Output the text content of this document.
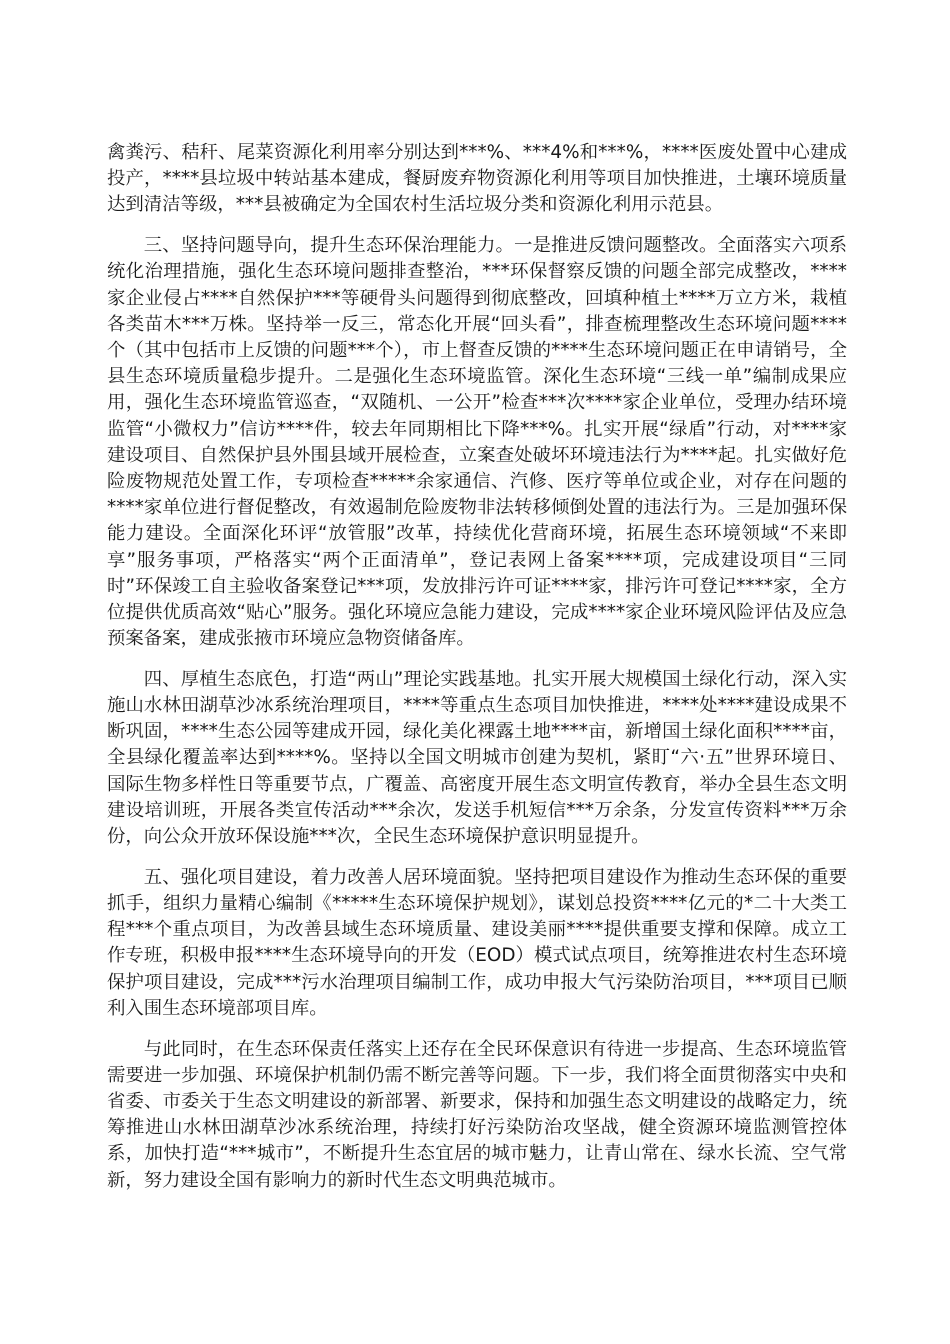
禽粪污、秸秆、尾菜资源化利用率分别达到***%、***4%和***%，****医废处置中心建成投产，****县垃圾中转站基本建成，餐厨废弃物资源化利用等项目加快推进，土壤环境质量达到清洁等级，***县被确定为全国农村生活垃圾分类和资源化利用示范县。

三、坚持问题导向，提升生态环保治理能力。一是推进反馈问题整改。全面落实六项系统化治理措施，强化生态环境问题排查整治，***环保督察反馈的问题全部完成整改，****家企业侵占****自然保护***等硬骨头问题得到彻底整改，回填种植土****万立方米，栽植各类苗木***万株。坚持举一反三，常态化开展“回头看”，排查梳理整改生态环境问题****个（其中包括市上反馈的问题***个），市上督查反馈的****生态环境问题正在申请销号，全县生态环境质量稳步提升。二是强化生态环境监管。深化生态环境“三线一单”编制成果应用，强化生态环境监管巡查，“双随机、一公开”检查***次****家企业单位，受理办结环境监管“小微权力”信访****件，较去年同期相比下降***%。扎实开展“绿盾”行动，对****家建设项目、自然保护县外围县域开展检查，立案查处破坏环境违法行为****起。扎实做好危险废物规范处置工作，专项检查*****余家通信、汽修、医疗等单位或企业，对存在问题的****家单位进行督促整改，有效遏制危险废物非法转移倾倒处置的违法行为。三是加强环保能力建设。全面深化环评“放管服”改革，持续优化营商环境，拓展生态环境领域“不来即享”服务事项，严格落实“两个正面清单”，登记表网上备案****项，完成建设项目“三同时”环保竣工自主验收备案登记***项，发放排污许可证****家，排污许可登记****家，全方位提供优质高效“贴心”服务。强化环境应急能力建设，完成****家企业环境风险评估及应急预案备案，建成张掖市环境应急物资储备库。

四、厚植生态底色，打造“两山”理论实践基地。扎实开展大规模国土绿化行动，深入实施山水林田湖草沙冰系统治理项目，****等重点生态项目加快推进，****处****建设成果不断巩固，****生态公园等建成开园，绿化美化裸露土地****亩，新增国土绿化面积****亩，全县绿化覆盖率达到****%。坚持以全国文明城市创建为契机，紧盯“六·五”世界环境日、国际生物多样性日等重要节点，广覆盖、高密度开展生态文明宣传教育，举办全县生态文明建设培训班，开展各类宣传活动***余次，发送手机短信***万余条，分发宣传资料***万余份，向公众开放环保设施***次，全民生态环境保护意识明显提升。

五、强化项目建设，着力改善人居环境面貌。坚持把项目建设作为推动生态环保的重要抓手，组织力量精心编制《*****生态环境保护规划》，谋划总投资****亿元的*二十大类工程***个重点项目，为改善县域生态环境质量、建设美丽****提供重要支撑和保障。成立工作专班，积极申报****生态环境导向的开发（EOD）模式试点项目，统筹推进农村生态环境保护项目建设，完成***污水治理项目编制工作，成功申报大气污染防治项目，***项目已顺利入围生态环境部项目库。

与此同时，在生态环保责任落实上还存在全民环保意识有待进一步提高、生态环境监管需要进一步加强、环境保护机制仍需不断完善等问题。下一步，我们将全面贯彻落实中央和省委、市委关于生态文明建设的新部署、新要求，保持和加强生态文明建设的战略定力，统筹推进山水林田湖草沙冰系统治理，持续打好污染防治攻坚战，健全资源环境监测管控体系，加快打造“***城市”，不断提升生态宜居的城市魅力，让青山常在、绿水长流、空气常新，努力建设全国有影响力的新时代生态文明典范城市。
